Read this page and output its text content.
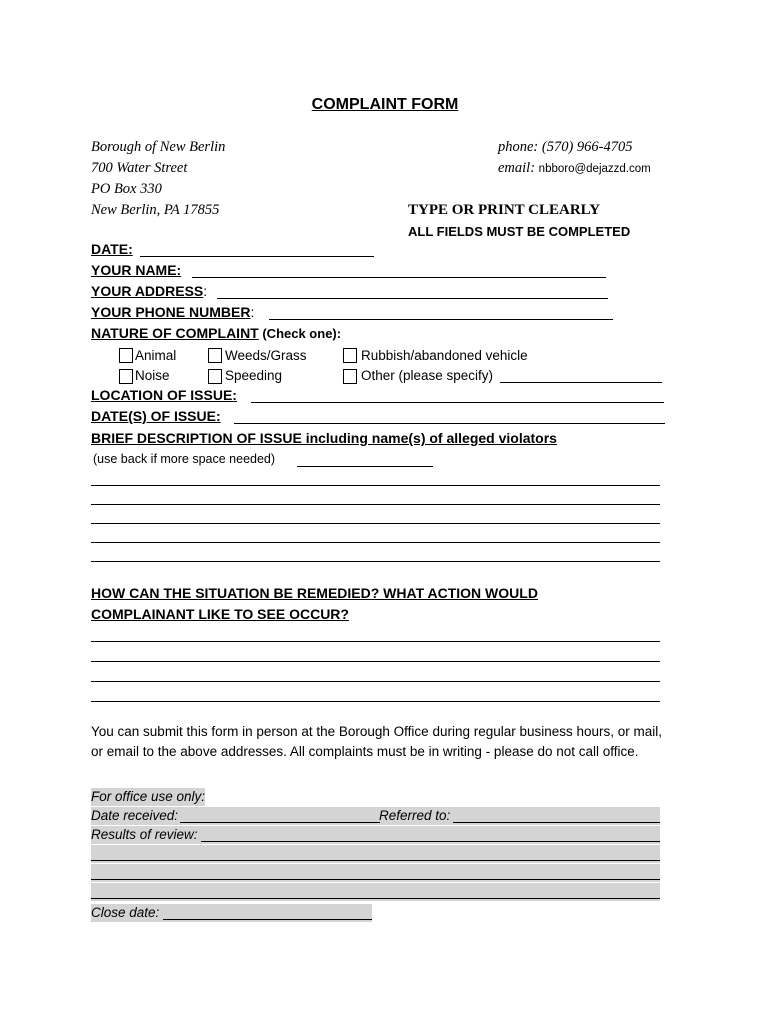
COMPLAINT FORM
Borough of New Berlin
700 Water Street
PO Box 330
New Berlin, PA 17855
phone: (570) 966-4705
email: nbboro@dejazzd.com
TYPE OR PRINT CLEARLY
ALL FIELDS MUST BE COMPLETED
DATE:
YOUR NAME:
YOUR ADDRESS:
YOUR PHONE NUMBER:
NATURE OF COMPLAINT (Check one):
Animal	Weeds/Grass	Rubbish/abandoned vehicle
Noise	Speeding	Other (please specify)
LOCATION OF ISSUE:
DATE(S) OF ISSUE:
BRIEF DESCRIPTION OF ISSUE including name(s) of alleged violators
(use back if more space needed)
HOW CAN THE SITUATION BE REMEDIED? WHAT ACTION WOULD
COMPLAINANT LIKE TO SEE OCCUR?
You can submit this form in person at the Borough Office during regular business hours, or mail,
or email to the above addresses. All complaints must be in writing - please do not call office.
For office use only:
Date received:	Referred to:
Results of review:
Close date:
